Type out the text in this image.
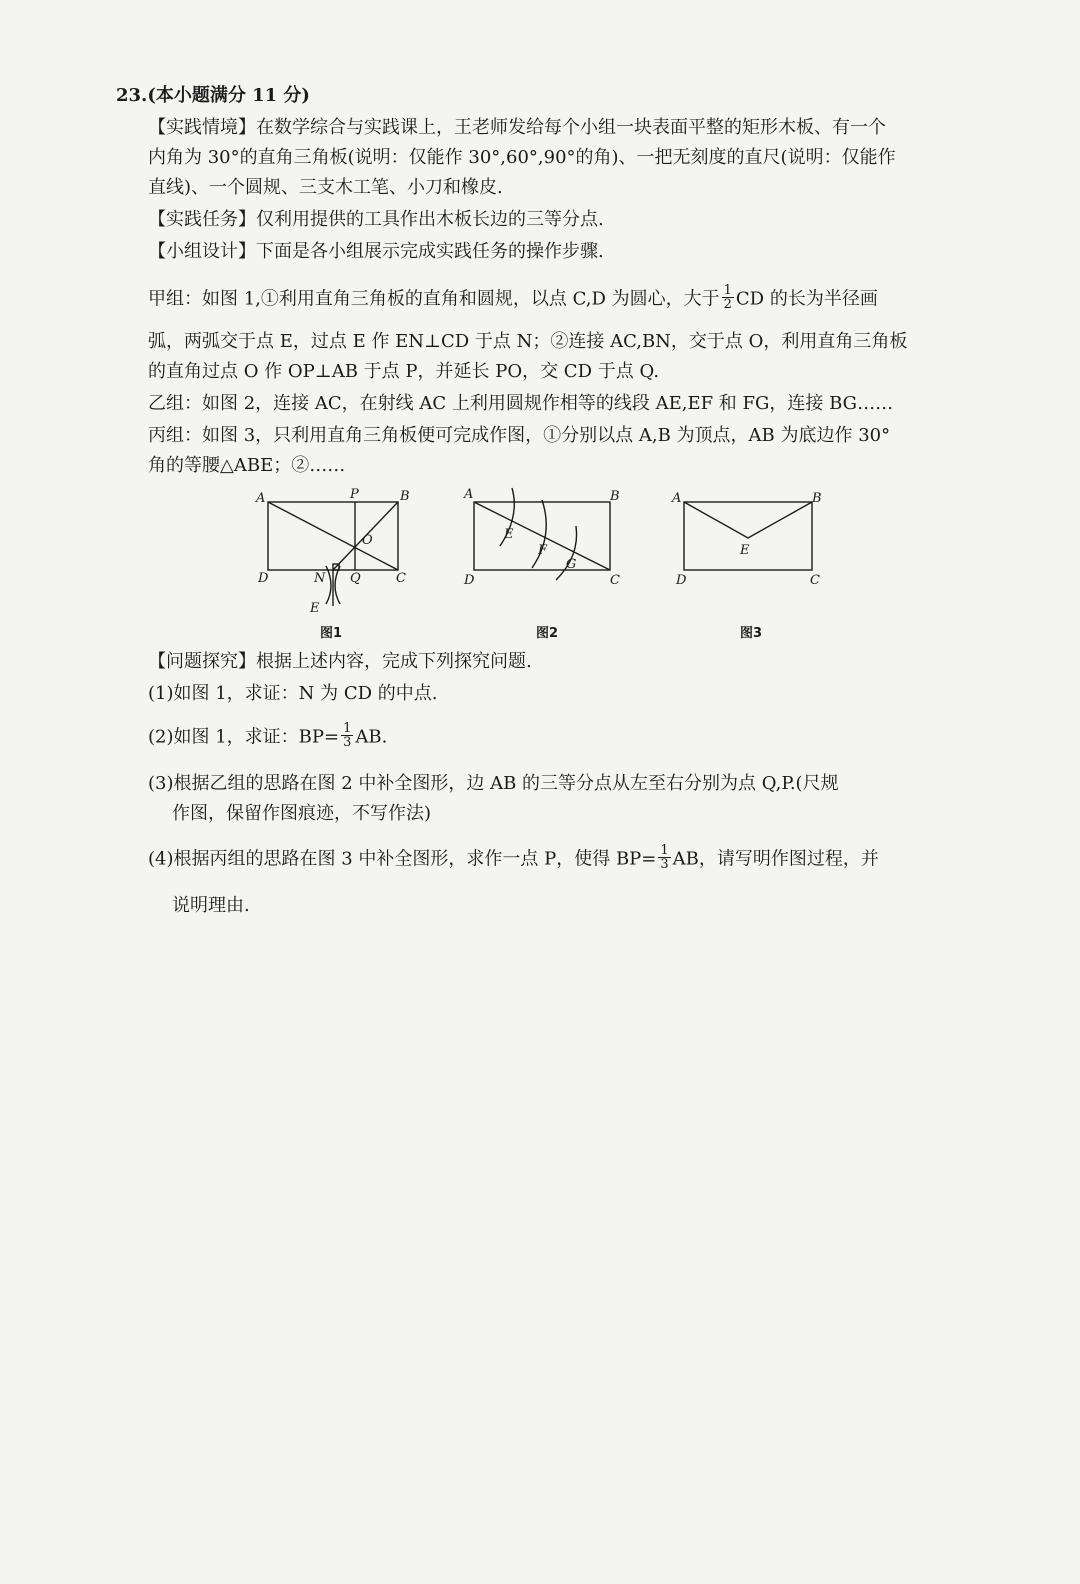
23.(本小题满分 11 分)
【实践情境】在数学综合与实践课上，王老师发给每个小组一块表面平整的矩形木板、有一个
内角为 30°的直角三角板(说明：仅能作 30°,60°,90°的角)、一把无刻度的直尺(说明：仅能作
直线)、一个圆规、三支木工笔、小刀和橡皮.
【实践任务】仅利用提供的工具作出木板长边的三等分点.
【小组设计】下面是各小组展示完成实践任务的操作步骤.
甲组：如图 1,①利用直角三角板的直角和圆规，以点 C,D 为圆心，大于 $\frac{1}{2}$ CD 的长为半径画
弧，两弧交于点 E，过点 E 作 EN⊥CD 于点 N；②连接 AC,BN，交于点 O，利用直角三角板
的直角过点 O 作 OP⊥AB 于点 P，并延长 PO，交 CD 于点 Q.
乙组：如图 2，连接 AC，在射线 AC 上利用圆规作相等的线段 AE,EF 和 FG，连接 BG……
丙组：如图 3，只利用直角三角板便可完成作图，①分别以点 A,B 为顶点，AB 为底边作 30°
角的等腰△ABE；②……
A	P	B
O
D	N Q	C
E
图1
A	B
E
F
G
D	C
图2
A	B
E
D	C
图3
【问题探究】根据上述内容，完成下列探究问题.
(1)如图 1，求证：N 为 CD 的中点.
(2)如图 1，求证：$BP= \frac{1}{3}$ AB.
(3)根据乙组的思路在图 2 中补全图形，边 AB 的三等分点从左至右分别为点 Q,P.(尺规
作图，保留作图痕迹，不写作法)
(4)根据丙组的思路在图 3 中补全图形，求作一点 P，使得 $BP= \frac{1}{3}$ AB，请写明作图过程，并
说明理由.
